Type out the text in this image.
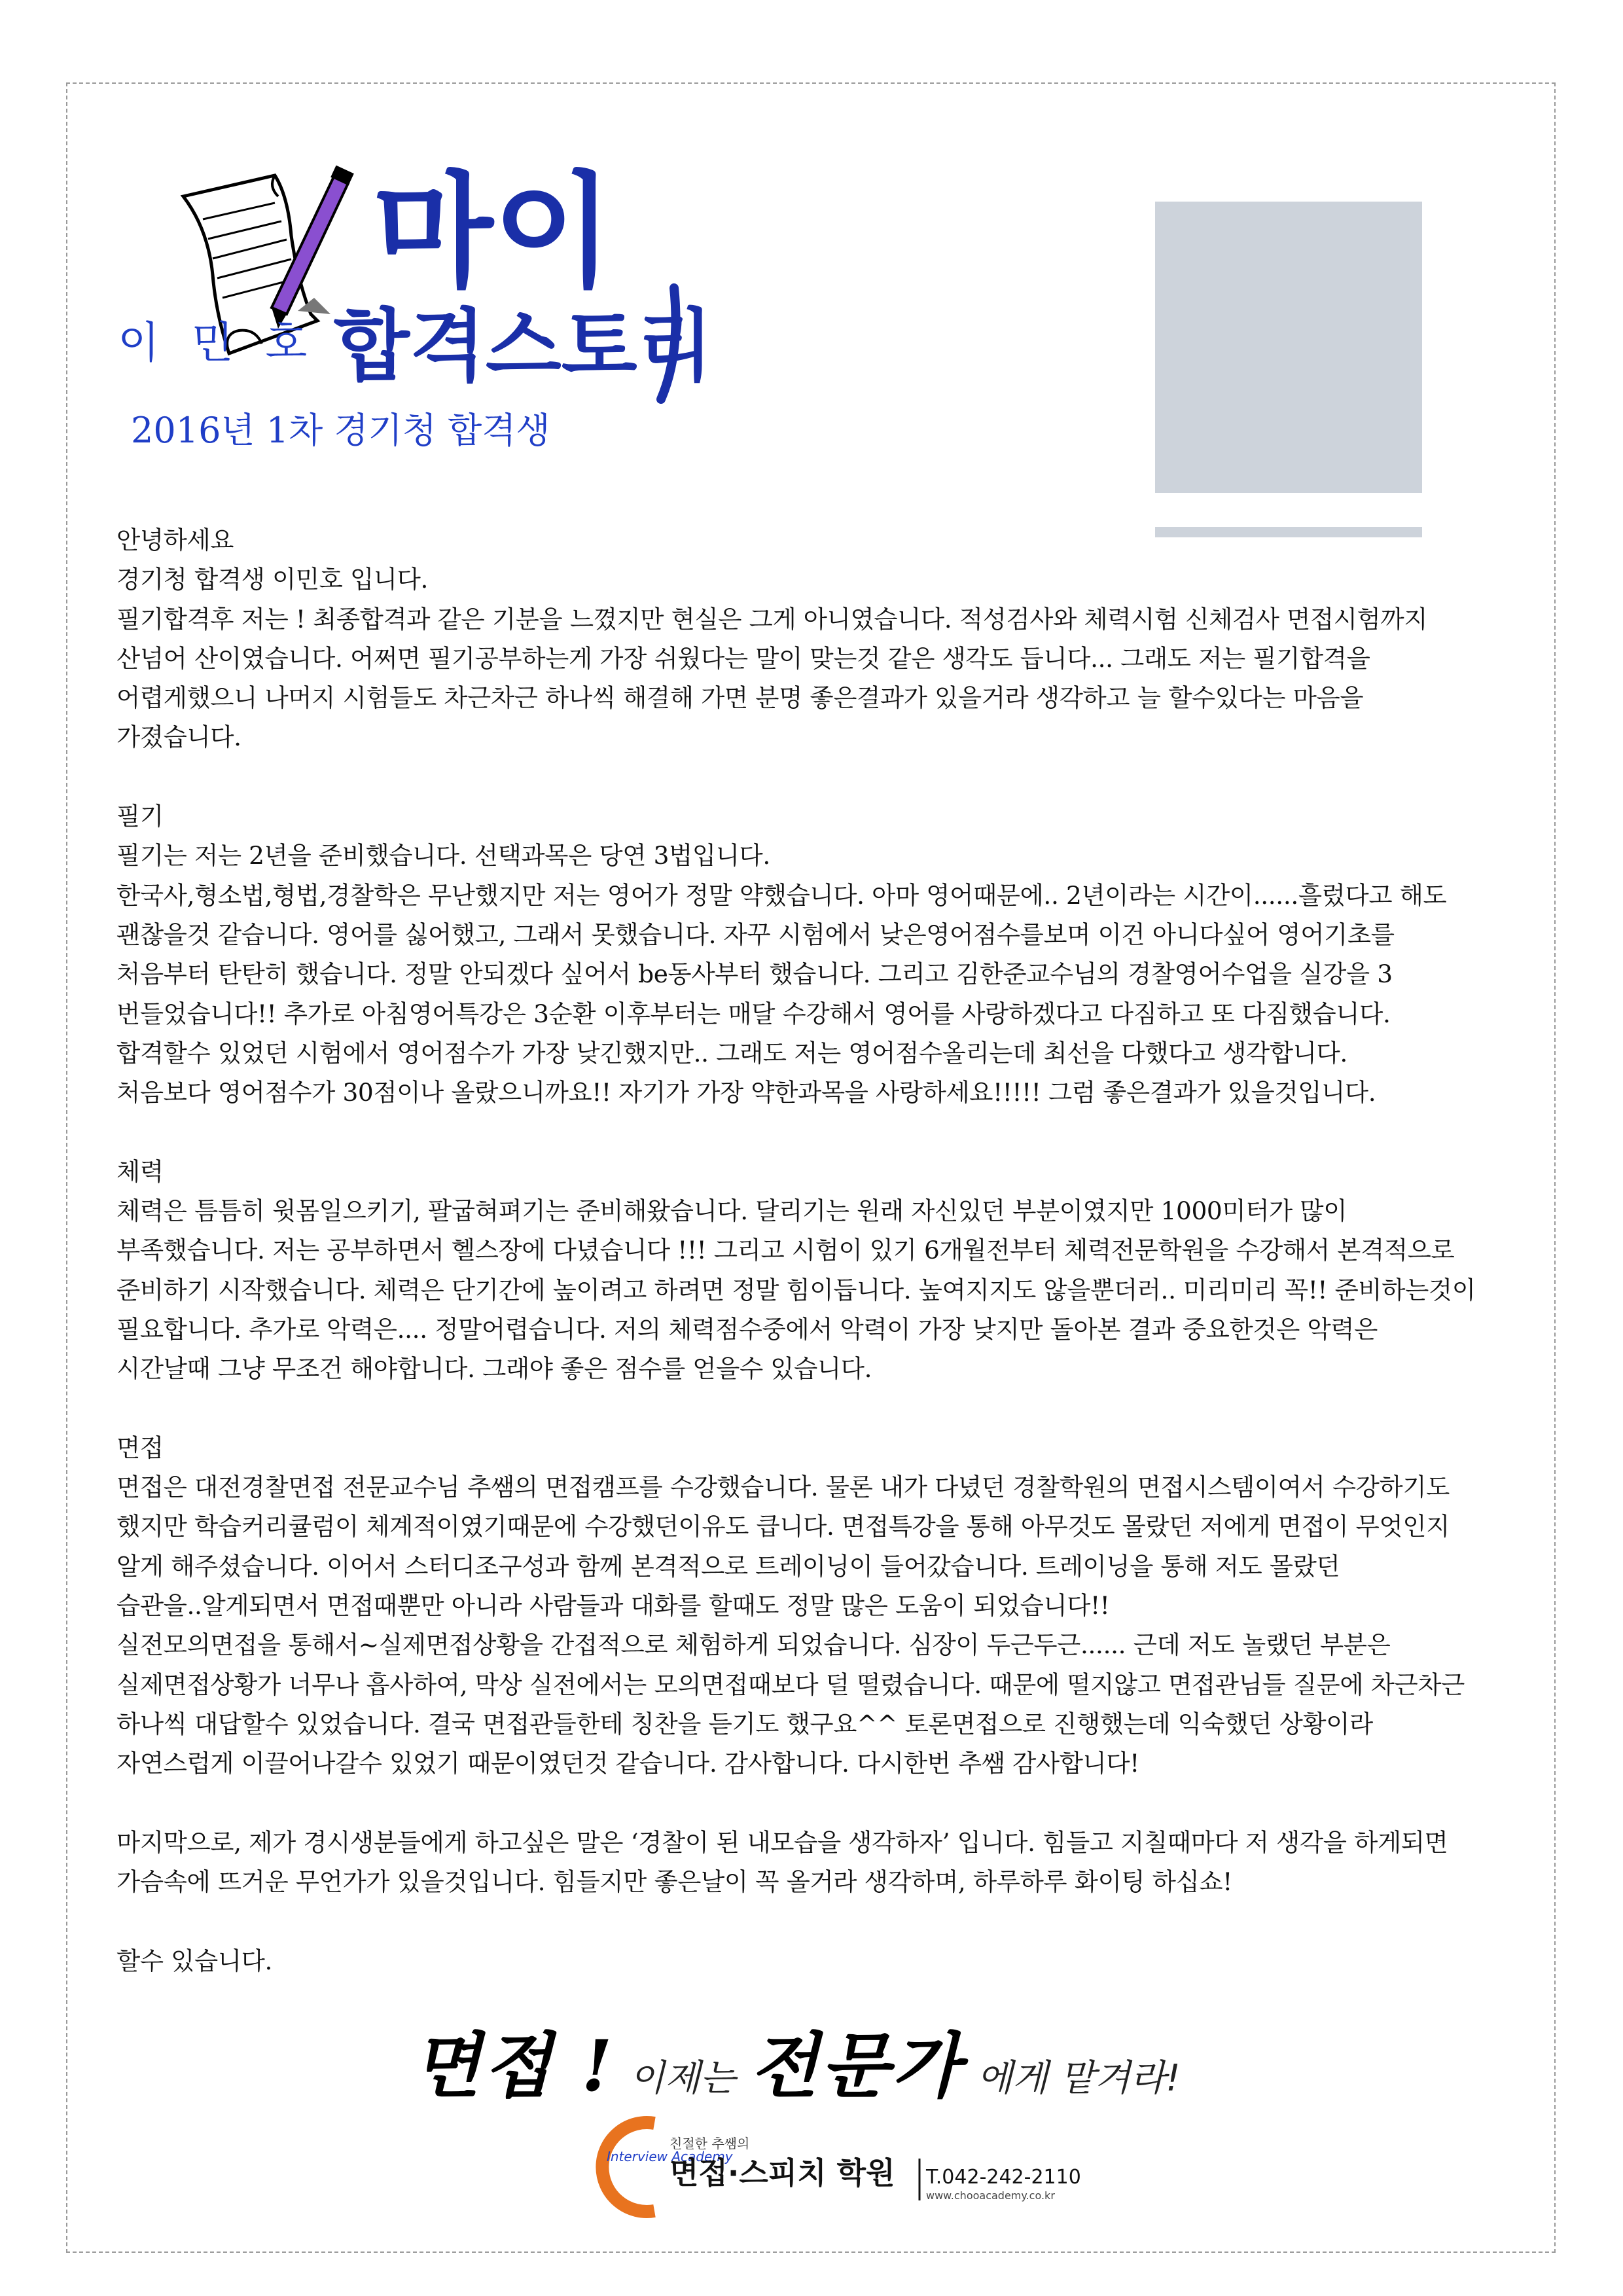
마이
합격스토리
이 민 호
2016년 1차 경기청 합격생

안녕하세요

경기청 합격생 이민호 입니다.

필기합격후 저는 ! 최종합격과 같은 기분을 느꼈지만 현실은 그게 아니였습니다. 적성검사와 체력시험 신체검사 면접시험까지

산넘어 산이였습니다. 어쩌면 필기공부하는게 가장 쉬웠다는 말이 맞는것 같은 생각도 듭니다... 그래도 저는 필기합격을

어렵게했으니 나머지 시험들도 차근차근 하나씩 해결해 가면 분명 좋은결과가 있을거라 생각하고 늘 할수있다는 마음을

가졌습니다.

필기

필기는 저는 2년을 준비했습니다. 선택과목은 당연 3법입니다.

한국사,형소법,형법,경찰학은 무난했지만 저는 영어가 정말 약했습니다. 아마 영어때문에.. 2년이라는 시간이......흘렀다고 해도

괜찮을것 같습니다. 영어를 싫어했고, 그래서 못했습니다. 자꾸 시험에서 낮은영어점수를보며 이건 아니다싶어 영어기초를

처음부터 탄탄히 했습니다. 정말 안되겠다 싶어서 be동사부터 했습니다. 그리고 김한준교수님의 경찰영어수업을 실강을 3

번들었습니다!! 추가로 아침영어특강은 3순환 이후부터는 매달 수강해서 영어를 사랑하겠다고 다짐하고 또 다짐했습니다.

합격할수 있었던 시험에서 영어점수가 가장 낮긴했지만.. 그래도 저는 영어점수올리는데 최선을 다했다고 생각합니다.

처음보다 영어점수가 30점이나 올랐으니까요!! 자기가 가장 약한과목을 사랑하세요!!!!! 그럼 좋은결과가 있을것입니다.

체력

체력은 틈틈히 윗몸일으키기, 팔굽혀펴기는 준비해왔습니다. 달리기는 원래 자신있던 부분이였지만 1000미터가 많이

부족했습니다. 저는 공부하면서 헬스장에 다녔습니다 !!! 그리고 시험이 있기 6개월전부터 체력전문학원을 수강해서 본격적으로

준비하기 시작했습니다. 체력은 단기간에 높이려고 하려면 정말 힘이듭니다. 높여지지도 않을뿐더러.. 미리미리 꼭!! 준비하는것이

필요합니다. 추가로 악력은.... 정말어렵습니다. 저의 체력점수중에서 악력이 가장 낮지만 돌아본 결과 중요한것은 악력은

시간날때 그냥 무조건 해야합니다. 그래야 좋은 점수를 얻을수 있습니다.

면접

면접은 대전경찰면접 전문교수님 추쌤의 면접캠프를 수강했습니다. 물론 내가 다녔던 경찰학원의 면접시스템이여서 수강하기도

했지만 학습커리큘럼이 체계적이였기때문에 수강했던이유도 큽니다. 면접특강을 통해 아무것도 몰랐던 저에게 면접이 무엇인지

알게 해주셨습니다. 이어서 스터디조구성과 함께 본격적으로 트레이닝이 들어갔습니다. 트레이닝을 통해 저도 몰랐던

습관을..알게되면서 면접때뿐만 아니라 사람들과 대화를 할때도 정말 많은 도움이 되었습니다!!

실전모의면접을 통해서~실제면접상황을 간접적으로 체험하게 되었습니다. 심장이 두근두근...... 근데 저도 놀랬던 부분은

실제면접상황가 너무나 흡사하여, 막상 실전에서는 모의면접때보다 덜 떨렸습니다. 때문에 떨지않고 면접관님들 질문에 차근차근

하나씩 대답할수 있었습니다. 결국 면접관들한테 칭찬을 듣기도 했구요^^ 토론면접으로 진행했는데 익숙했던 상황이라

자연스럽게 이끌어나갈수 있었기 때문이였던것 같습니다. 감사합니다. 다시한번 추쌤 감사합니다!

마지막으로, 제가 경시생분들에게 하고싶은 말은 ‘경찰이 된 내모습을 생각하자’ 입니다. 힘들고 지칠때마다 저 생각을 하게되면

가슴속에 뜨거운 무언가가 있을것입니다. 힘들지만 좋은날이 꼭 올거라 생각하며, 하루하루 화이팅 하십쇼!

할수 있습니다.

면접 ! 이제는 전문가 에게 맡겨라!
Interview Academy
친절한 추쌤의
면접·스피치 학원 T.042-242-2110
www.chooacademy.co.kr
